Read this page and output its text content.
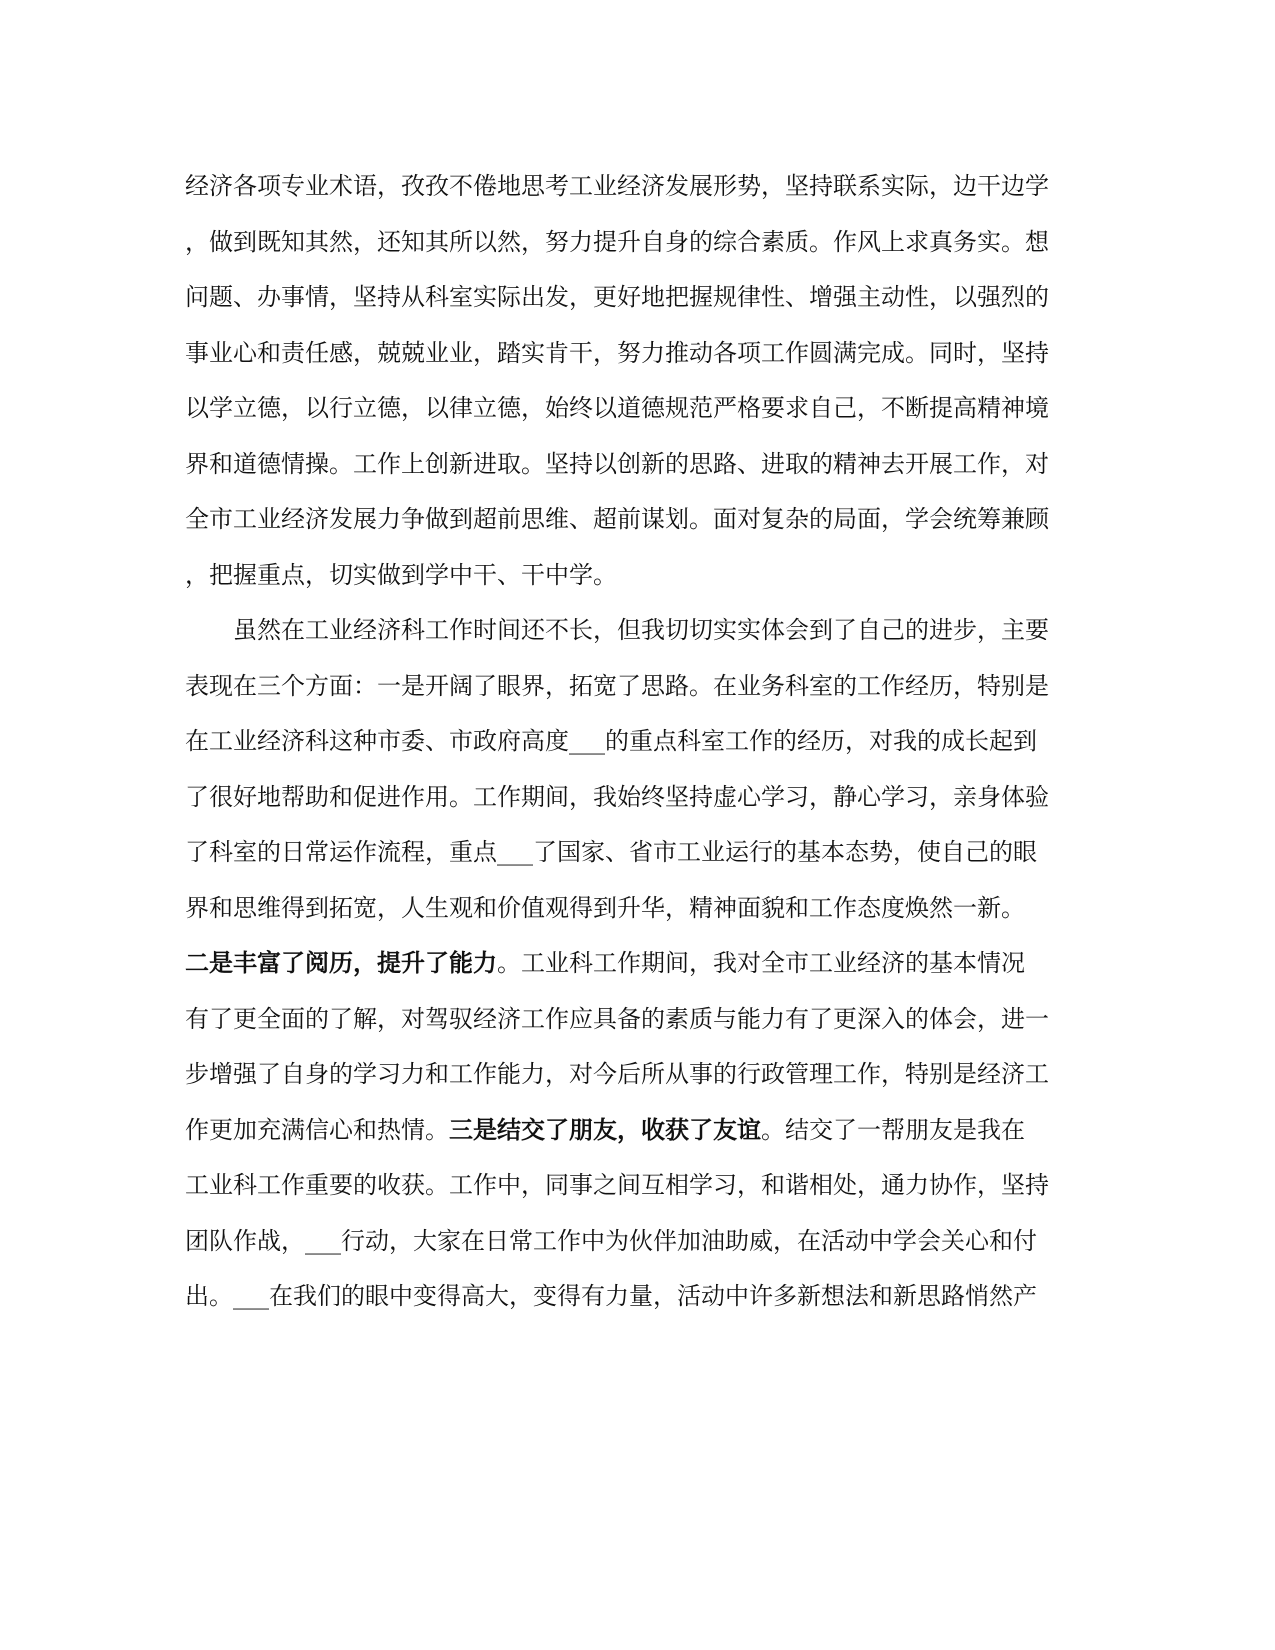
经济各项专业术语，孜孜不倦地思考工业经济发展形势，坚持联系实际，边干边学
，做到既知其然，还知其所以然，努力提升自身的综合素质。作风上求真务实。想
问题、办事情，坚持从科室实际出发，更好地把握规律性、增强主动性，以强烈的
事业心和责任感，兢兢业业，踏实肯干，努力推动各项工作圆满完成。同时，坚持
以学立德，以行立德，以律立德，始终以道德规范严格要求自己，不断提高精神境
界和道德情操。工作上创新进取。坚持以创新的思路、进取的精神去开展工作，对
全市工业经济发展力争做到超前思维、超前谋划。面对复杂的局面，学会统筹兼顾
，把握重点，切实做到学中干、干中学。
虽然在工业经济科工作时间还不长，但我切切实实体会到了自己的进步，主要
表现在三个方面：一是开阔了眼界，拓宽了思路。在业务科室的工作经历，特别是
在工业经济科这种市委、市政府高度___的重点科室工作的经历，对我的成长起到
了很好地帮助和促进作用。工作期间，我始终坚持虚心学习，静心学习，亲身体验
了科室的日常运作流程，重点___了国家、省市工业运行的基本态势，使自己的眼
界和思维得到拓宽，人生观和价值观得到升华，精神面貌和工作态度焕然一新。
二是丰富了阅历，提升了能力。工业科工作期间，我对全市工业经济的基本情况
有了更全面的了解，对驾驭经济工作应具备的素质与能力有了更深入的体会，进一
步增强了自身的学习力和工作能力，对今后所从事的行政管理工作，特别是经济工
作更加充满信心和热情。三是结交了朋友，收获了友谊。结交了一帮朋友是我在
工业科工作重要的收获。工作中，同事之间互相学习，和谐相处，通力协作，坚持
团队作战，___行动，大家在日常工作中为伙伴加油助威，在活动中学会关心和付
出。___在我们的眼中变得高大，变得有力量，活动中许多新想法和新思路悄然产
